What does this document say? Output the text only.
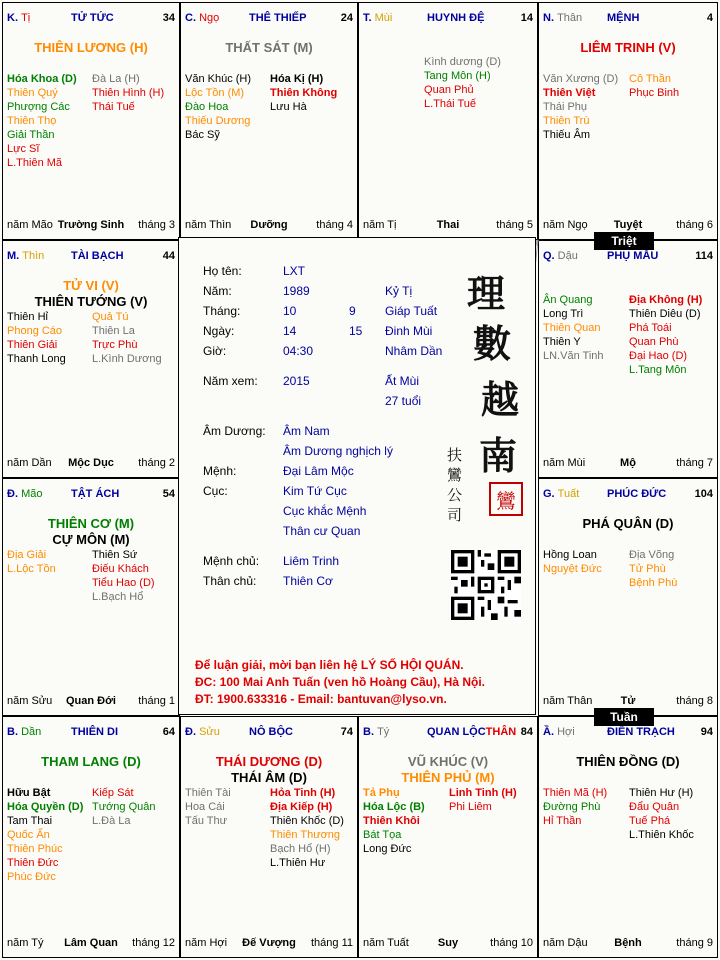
K. Tị	TỬ TỨC	34
THIÊN LƯƠNG (H)
Hóa Khoa (D)
Thiên Quý
Phượng Các
Thiên Thọ
Giải Thần
Lực Sĩ
L.Thiên Mã
Đà La (H)
Thiên Hình (H)
Thái Tuế
năm Mão Trường Sinh	tháng 3
C. Ngọ	THÊ THIẾP	24
THẤT SÁT (M)
Văn Khúc (H)
Lộc Tồn (M)
Đào Hoa
Thiếu Dương
Bác Sỹ
Hóa Kị (H)
Thiên Không
Lưu Hà
năm Thìn	Dưỡng	tháng 4
T. Mùi	HUYNH ĐỆ	14
Kình dương (D)
Tang Môn (H)
Quan Phủ
L.Thái Tuế
năm Tị	Thai	tháng 5
N. Thân MỆNH	4
LIÊM TRINH (V)
Văn Xương (D)
Thiên Việt
Thái Phụ
Thiên Trù
Thiếu Âm
Cô Thần
Phục Binh
năm Ngọ	Tuyệt	tháng 6
M. Thìn TÀI BẠCH	44
TỬ VI (V)
THIÊN TƯỚNG (V)
Thiên Hỉ
Phong Cáo
Thiên Giải
Thanh Long
Quả Tú
Thiên La
Trực Phù
L.Kình Dương
năm Dần	Mộc Dục	tháng 2
Q. Dậu	PHỤ MẪU	114
Ân Quang
Long Trì
Thiên Quan
Thiên Y
LN.Văn Tinh
Địa Không (H)
Thiên Diêu (D)
Phá Toái
Quan Phù
Đại Hao (D)
L.Tang Môn
năm Mùi	Mộ	tháng 7
Đ. Mão	TẬT ÁCH	54
THIÊN CƠ (M)
CỰ MÔN (M)
Địa Giải
L.Lộc Tồn
Thiên Sứ
Điếu Khách
Tiểu Hao (D)
L.Bạch Hổ
năm Sửu	Quan Đới	tháng 1
G. Tuất	PHÚC ĐỨC	104
PHÁ QUÂN (D)
Hồng Loan
Nguyệt Đức
Địa Võng
Tử Phù
Bệnh Phù
năm Thân	Tử	tháng 8
B. Dần	THIÊN DI	64
THAM LANG (D)
Hữu Bật
Hóa Quyền (D)
Tam Thai
Quốc Ấn
Thiên Phúc
Thiên Đức
Phúc Đức
Kiếp Sát
Tướng Quân
L.Đà La
năm Tý	Lâm Quan	tháng 12
Đ. Sửu	NÔ BỘC	74
THÁI DƯƠNG (D)
THÁI ÂM (D)
Thiên Tài
Hoa Cái
Tấu Thư
Hỏa Tinh (H)
Địa Kiếp (H)
Thiên Khốc (D)
Thiên Thương
Bạch Hổ (H)
L.Thiên Hư
năm Hợi	Đế Vượng	tháng 11
B. Tý	QUAN LỘCTHÂN 84
VŨ KHÚC (V)
THIÊN PHỦ (M)
Tả Phụ
Hóa Lộc (B)
Thiên Khôi
Bát Tọa
Long Đức
Linh Tinh (H)
Phi Liêm
năm Tuất	Suy	tháng 10
Ầ. Hợi	ĐIỀN TRẠCH 94
THIÊN ĐỒNG (D)
Thiên Mã (H)
Đường Phù
Hỉ Thần
Thiên Hư (H)
Đẩu Quân
Tuế Phá
L.Thiên Khốc
năm Dậu	Bệnh	tháng 9
Họ tên:	LXT
Năm:	1989	Kỷ Tị
Tháng:	10	9 Giáp Tuất
Ngày:	14	15 Đinh Mùi
Giờ:	04:30	Nhâm Dần
Năm xem: 2015	Ất Mùi
27 tuổi
Âm Dương: Âm Nam
Âm Dương nghịch lý
Mệnh:	Đại Lâm Mộc
Cục:	Kim Tứ Cục
Cục khắc Mệnh
Thân cư Quan
Mệnh chủ: Liêm Trinh
Thân chủ: Thiên Cơ
理
數
越
南
扶
鸞
公
司
鸞
Để luận giải, mời bạn liên hệ LÝ SỐ HỘI QUÁN.
ĐC: 100 Mai Anh Tuấn (ven hồ Hoàng Cầu), Hà Nội.
ĐT: 1900.633316 - Email: bantuvan@lyso.vn.
Triệt
Tuần
